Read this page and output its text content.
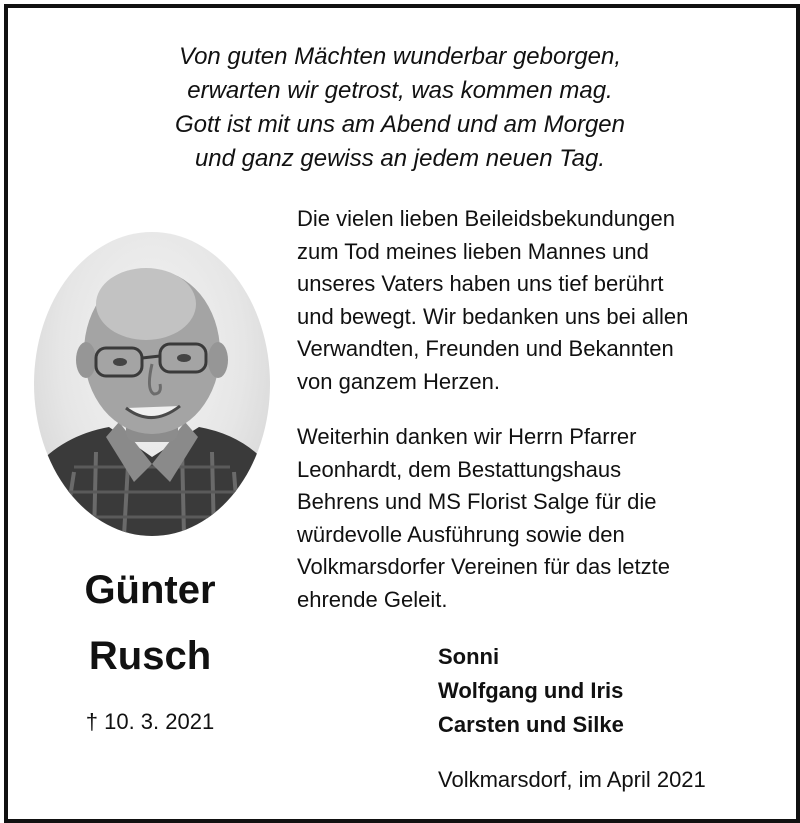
Von guten Mächten wunderbar geborgen,
erwarten wir getrost, was kommen mag.
Gott ist mit uns am Abend und am Morgen
und ganz gewiss an jedem neuen Tag.
Günter
Rusch
† 10. 3. 2021
Die vielen lieben Beileidsbekundungen
zum Tod meines lieben Mannes und
unseres Vaters haben uns tief berührt
und bewegt. Wir bedanken uns bei allen
Verwandten, Freunden und Bekannten
von ganzem Herzen.
Weiterhin danken wir Herrn Pfarrer
Leonhardt, dem Bestattungshaus
Behrens und MS Florist Salge für die
würdevolle Ausführung sowie den
Volkmarsdorfer Vereinen für das letzte
ehrende Geleit.
Sonni
Wolfgang und Iris
Carsten und Silke
Volkmarsdorf, im April 2021
